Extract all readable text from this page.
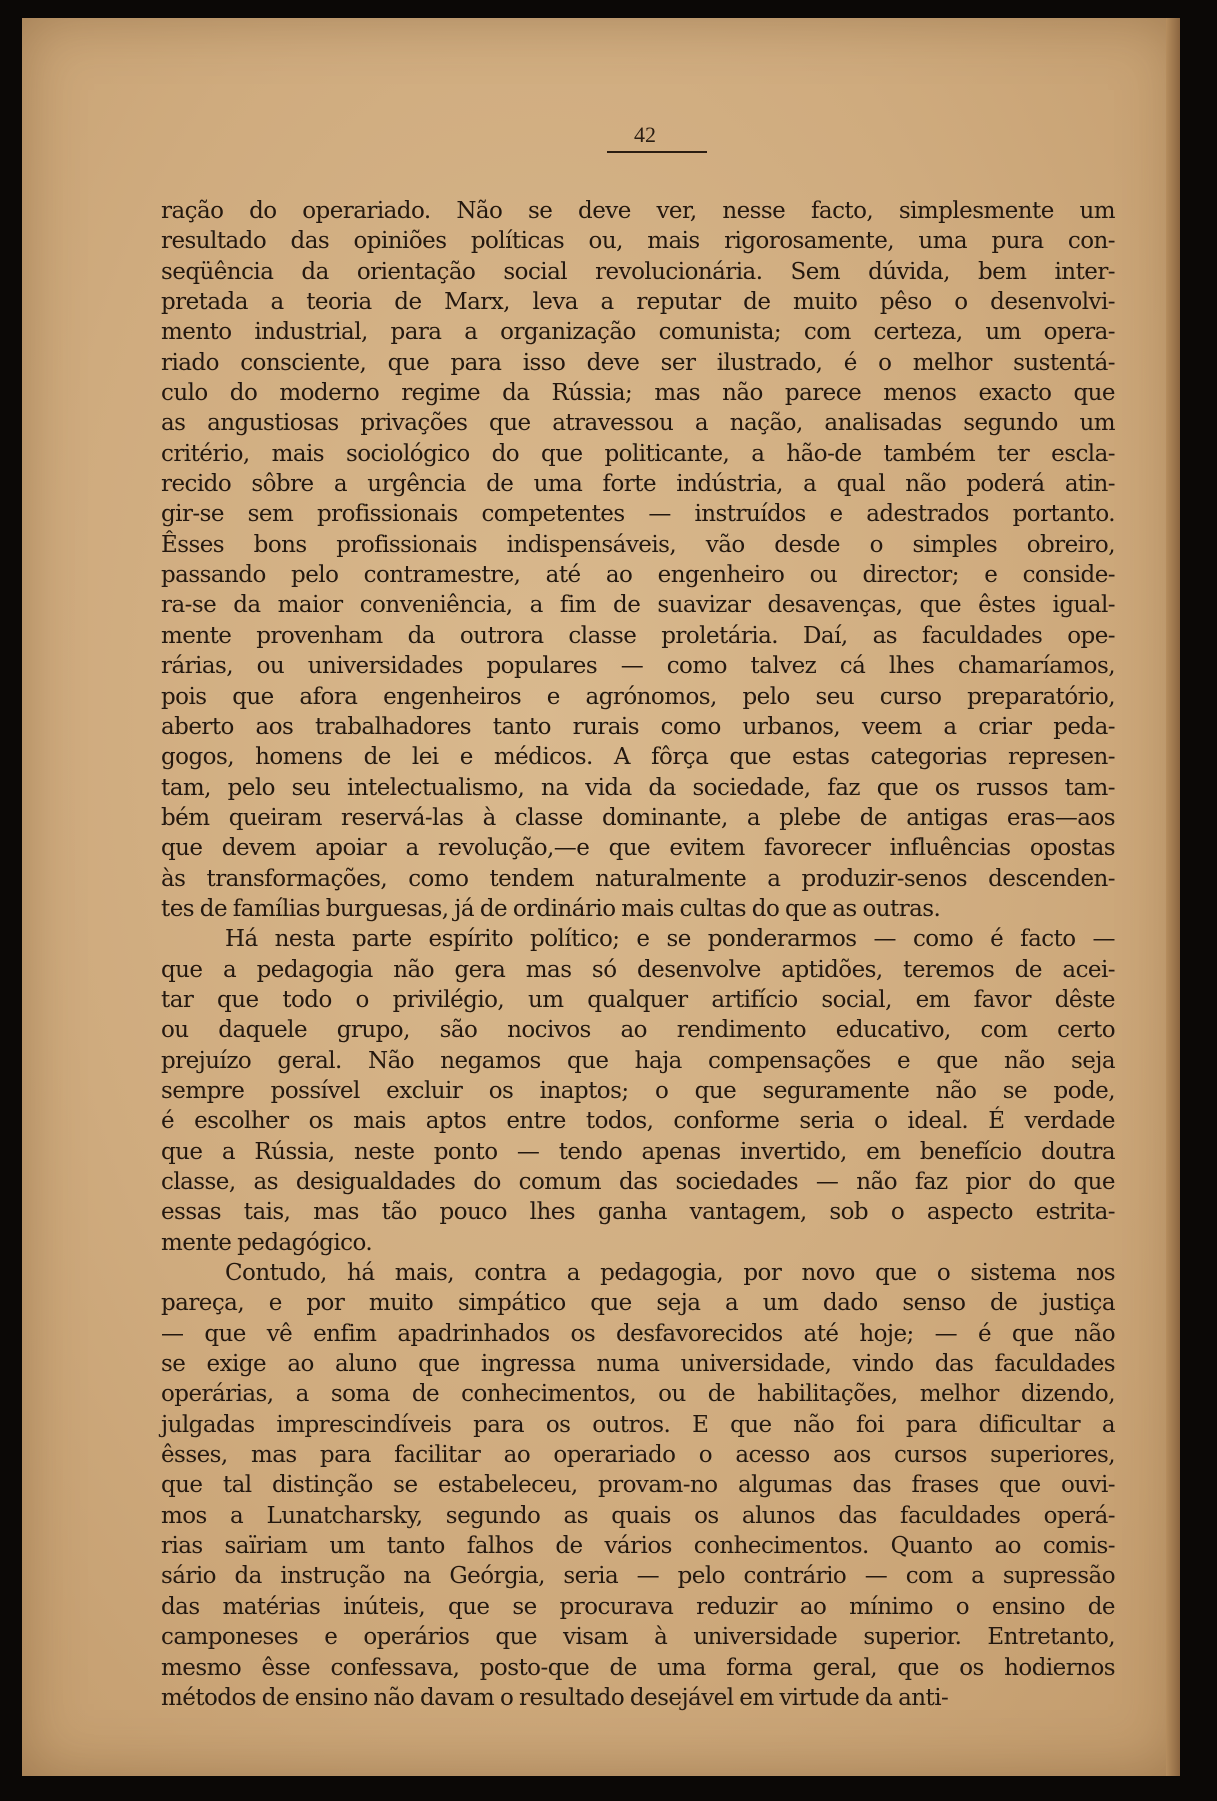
42
ração do operariado. Não se deve ver, nesse facto, simplesmente um
resultado das opiniões políticas ou, mais rigorosamente, uma pura con-
seqüência da orientação social revolucionária. Sem dúvida, bem inter-
pretada a teoria de Marx, leva a reputar de muito pêso o desenvolvi-
mento industrial, para a organização comunista; com certeza, um opera-
riado consciente, que para isso deve ser ilustrado, é o melhor sustentá-
culo do moderno regime da Rússia; mas não parece menos exacto que
as angustiosas privações que atravessou a nação, analisadas segundo um
critério, mais sociológico do que politicante, a hão-de também ter escla-
recido sôbre a urgência de uma forte indústria, a qual não poderá atin-
gir-se sem profissionais competentes — instruídos e adestrados portanto.
Êsses bons profissionais indispensáveis, vão desde o simples obreiro,
passando pelo contramestre, até ao engenheiro ou director; e conside-
ra-se da maior conveniência, a fim de suavizar desavenças, que êstes igual-
mente provenham da outrora classe proletária. Daí, as faculdades ope-
rárias, ou universidades populares — como talvez cá lhes chamaríamos,
pois que afora engenheiros e agrónomos, pelo seu curso preparatório,
aberto aos trabalhadores tanto rurais como urbanos, veem a criar peda-
gogos, homens de lei e médicos. A fôrça que estas categorias represen-
tam, pelo seu intelectualismo, na vida da sociedade, faz que os russos tam-
bém queiram reservá-las à classe dominante, a plebe de antigas eras—aos
que devem apoiar a revolução,—e que evitem favorecer influências opostas
às transformações, como tendem naturalmente a produzir-senos descenden-
tes de famílias burguesas, já de ordinário mais cultas do que as outras.
Há nesta parte espírito político; e se ponderarmos — como é facto —
que a pedagogia não gera mas só desenvolve aptidões, teremos de acei-
tar que todo o privilégio, um qualquer artifício social, em favor dêste
ou daquele grupo, são nocivos ao rendimento educativo, com certo
prejuízo geral. Não negamos que haja compensações e que não seja
sempre possível excluir os inaptos; o que seguramente não se pode,
é escolher os mais aptos entre todos, conforme seria o ideal. É verdade
que a Rússia, neste ponto — tendo apenas invertido, em benefício doutra
classe, as desigualdades do comum das sociedades — não faz pior do que
essas tais, mas tão pouco lhes ganha vantagem, sob o aspecto estrita-
mente pedagógico.
Contudo, há mais, contra a pedagogia, por novo que o sistema nos
pareça, e por muito simpático que seja a um dado senso de justiça
— que vê enfim apadrinhados os desfavorecidos até hoje; — é que não
se exige ao aluno que ingressa numa universidade, vindo das faculdades
operárias, a soma de conhecimentos, ou de habilitações, melhor dizendo,
julgadas imprescindíveis para os outros. E que não foi para dificultar a
êsses, mas para facilitar ao operariado o acesso aos cursos superiores,
que tal distinção se estabeleceu, provam-no algumas das frases que ouvi-
mos a Lunatcharsky, segundo as quais os alunos das faculdades operá-
rias saïriam um tanto falhos de vários conhecimentos. Quanto ao comis-
sário da instrução na Geórgia, seria — pelo contrário — com a supressão
das matérias inúteis, que se procurava reduzir ao mínimo o ensino de
camponeses e operários que visam à universidade superior. Entretanto,
mesmo êsse confessava, posto-que de uma forma geral, que os hodiernos
métodos de ensino não davam o resultado desejável em virtude da anti-
